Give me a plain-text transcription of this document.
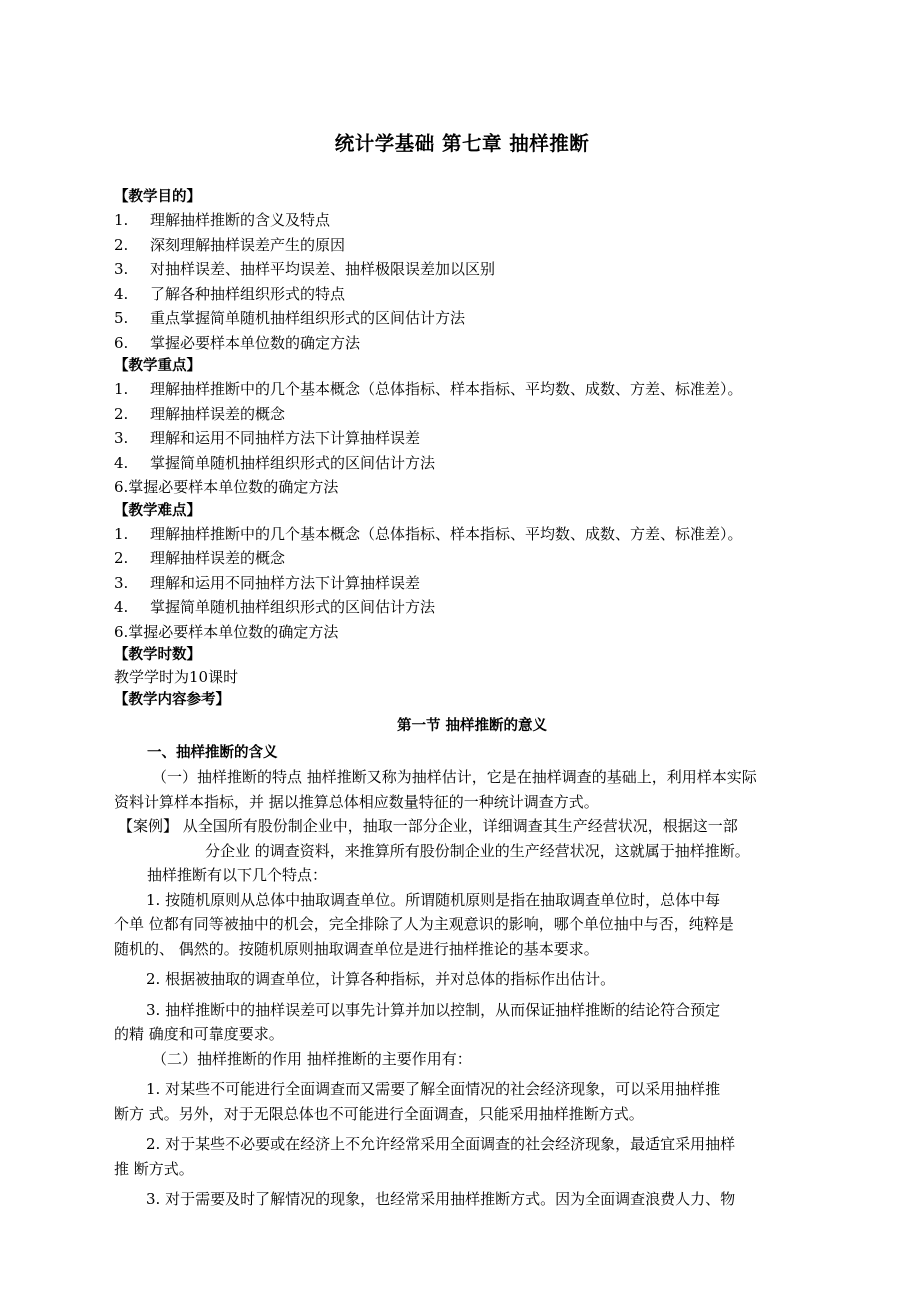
统计学基础 第七章 抽样推断
【教学目的】
1. 理解抽样推断的含义及特点
2. 深刻理解抽样误差产生的原因
3. 对抽样误差、抽样平均误差、抽样极限误差加以区别
4. 了解各种抽样组织形式的特点
5. 重点掌握简单随机抽样组织形式的区间估计方法
6. 掌握必要样本单位数的确定方法
【教学重点】
1. 理解抽样推断中的几个基本概念（总体指标、样本指标、平均数、成数、方差、标准差）。
2. 理解抽样误差的概念
3. 理解和运用不同抽样方法下计算抽样误差
4. 掌握简单随机抽样组织形式的区间估计方法
6.掌握必要样本单位数的确定方法
【教学难点】
1. 理解抽样推断中的几个基本概念（总体指标、样本指标、平均数、成数、方差、标准差）。
2. 理解抽样误差的概念
3. 理解和运用不同抽样方法下计算抽样误差
4. 掌握简单随机抽样组织形式的区间估计方法
6.掌握必要样本单位数的确定方法
【教学时数】
教学学时为10课时
【教学内容参考】
第一节 抽样推断的意义
一、抽样推断的含义
（一）抽样推断的特点 抽样推断又称为抽样估计，它是在抽样调查的基础上，利用样本实际
资料计算样本指标，并 据以推算总体相应数量特征的一种统计调查方式。
【案例】 从全国所有股份制企业中，抽取一部分企业，详细调查其生产经营状况，根据这一部
分企业 的调查资料，来推算所有股份制企业的生产经营状况，这就属于抽样推断。
抽样推断有以下几个特点：
1. 按随机原则从总体中抽取调查单位。所谓随机原则是指在抽取调查单位时，总体中每
个单 位都有同等被抽中的机会，完全排除了人为主观意识的影响，哪个单位抽中与否，纯粹是
随机的、 偶然的。按随机原则抽取调查单位是进行抽样推论的基本要求。
2. 根据被抽取的调查单位，计算各种指标，并对总体的指标作出估计。
3. 抽样推断中的抽样误差可以事先计算并加以控制，从而保证抽样推断的结论符合预定
的精 确度和可靠度要求。
（二）抽样推断的作用 抽样推断的主要作用有：
1. 对某些不可能进行全面调查而又需要了解全面情况的社会经济现象，可以采用抽样推
断方 式。另外，对于无限总体也不可能进行全面调查，只能采用抽样推断方式。
2. 对于某些不必要或在经济上不允许经常采用全面调查的社会经济现象，最适宜采用抽样
推 断方式。
3. 对于需要及时了解情况的现象，也经常采用抽样推断方式。因为全面调查浪费人力、物
